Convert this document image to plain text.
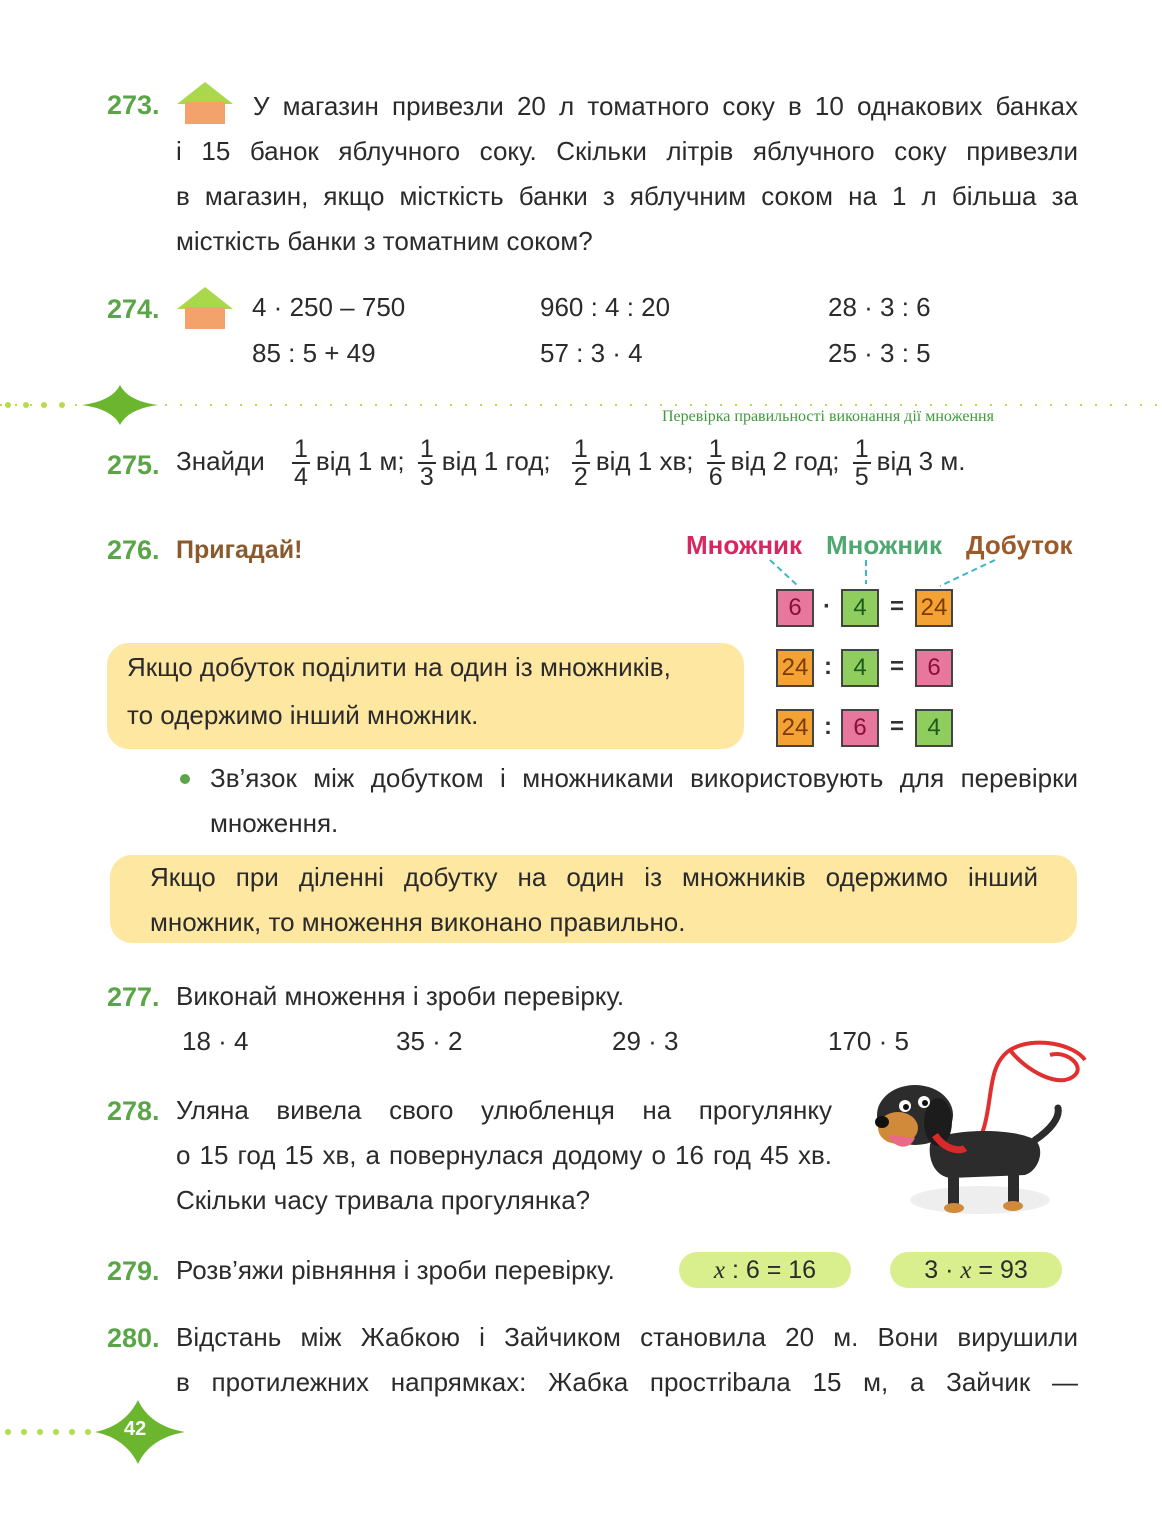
273.	У магазин привезли 20 л томатного соку в 10 однакових банках
і 15 банок яблучного соку. Скільки літрів яблучного соку привезли
в магазин, якщо місткість банки з яблучним соком на 1 л більша за
місткість банки з томатним соком?
274.	4 · 250 – 750	960 : 4 : 20	28 · 3 : 6
85 : 5 + 49	57 : 3 · 4	25 · 3 : 5
Перевірка правильності виконання дії множення
275. Знайди $\frac{1}{4}$ від 1 м; $\frac{1}{3}$ від 1 год; $\frac{1}{2}$ від 1 хв; $\frac{1}{6}$ від 2 год; $\frac{1}{5}$ від 3 м.
276. Пригадай!	Множник Множник Добуток
6 · 4 = 24
24 : 4 = 6
24 : 6 = 4
Якщо добуток поділити на один із множників,
то одержимо інший множник.
Зв’язок між добутком і множниками використовують для перевірки
множення.
Якщо при діленні добутку на один із множників одержимо інший
множник, то множення виконано правильно.
277. Виконай множення і зроби перевірку.
18 · 4	35 · 2	29 · 3	170 · 5
278. Уляна вивела свого улюбленця на прогулянку
о 15 год 15 хв, а повернулася додому о 16 год 45 хв.
Скільки часу тривала прогулянка?
279. Розв’яжи рівняння і зроби перевірку.	x : 6 = 16	3 · x = 93
280. Відстань між Жабкою і Зайчиком становила 20 м. Вони вирушили
в протилежних напрямках: Жабка простribала 15 м, а Зайчик —
42
